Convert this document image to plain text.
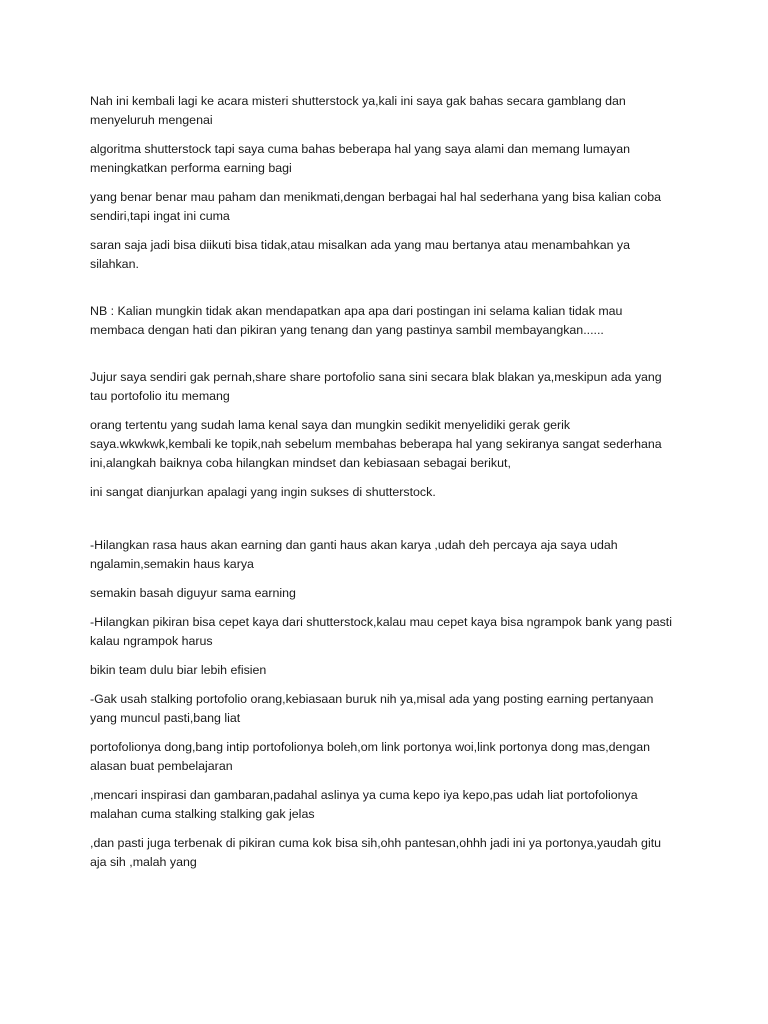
Nah ini kembali lagi ke acara misteri shutterstock ya,kali ini saya gak bahas secara gamblang dan menyeluruh mengenai

algoritma shutterstock tapi saya cuma bahas beberapa hal yang saya alami dan memang lumayan meningkatkan performa earning bagi

yang benar benar mau paham dan menikmati,dengan berbagai hal hal sederhana yang bisa kalian coba sendiri,tapi ingat ini cuma

saran saja jadi bisa diikuti bisa tidak,atau misalkan ada yang mau bertanya atau menambahkan ya silahkan.

NB : Kalian mungkin tidak akan mendapatkan apa apa dari postingan ini selama kalian tidak mau membaca dengan hati dan pikiran yang tenang dan yang pastinya sambil membayangkan......

Jujur saya sendiri gak pernah,share share portofolio sana sini secara blak blakan ya,meskipun ada yang tau portofolio itu memang

orang tertentu yang sudah lama kenal saya dan mungkin sedikit menyelidiki gerak gerik saya.wkwkwk,kembali ke topik,nah sebelum membahas beberapa hal yang sekiranya sangat sederhana ini,alangkah baiknya coba hilangkan mindset dan kebiasaan sebagai berikut,

ini sangat dianjurkan apalagi yang ingin sukses di shutterstock.

-Hilangkan rasa haus akan earning dan ganti haus akan karya ,udah deh percaya aja saya udah ngalamin,semakin haus karya

semakin basah diguyur sama earning

-Hilangkan pikiran bisa cepet kaya dari shutterstock,kalau mau cepet kaya bisa ngrampok bank yang pasti kalau ngrampok harus

bikin team dulu biar lebih efisien

-Gak usah stalking portofolio orang,kebiasaan buruk nih ya,misal ada yang posting earning pertanyaan yang muncul pasti,bang liat

portofolionya dong,bang intip portofolionya boleh,om link portonya woi,link portonya dong mas,dengan alasan buat pembelajaran

,mencari inspirasi dan gambaran,padahal aslinya ya cuma kepo iya kepo,pas udah liat portofolionya malahan cuma stalking stalking gak jelas

,dan pasti juga terbenak di pikiran cuma kok bisa sih,ohh pantesan,ohhh jadi ini ya portonya,yaudah gitu aja sih ,malah yang
